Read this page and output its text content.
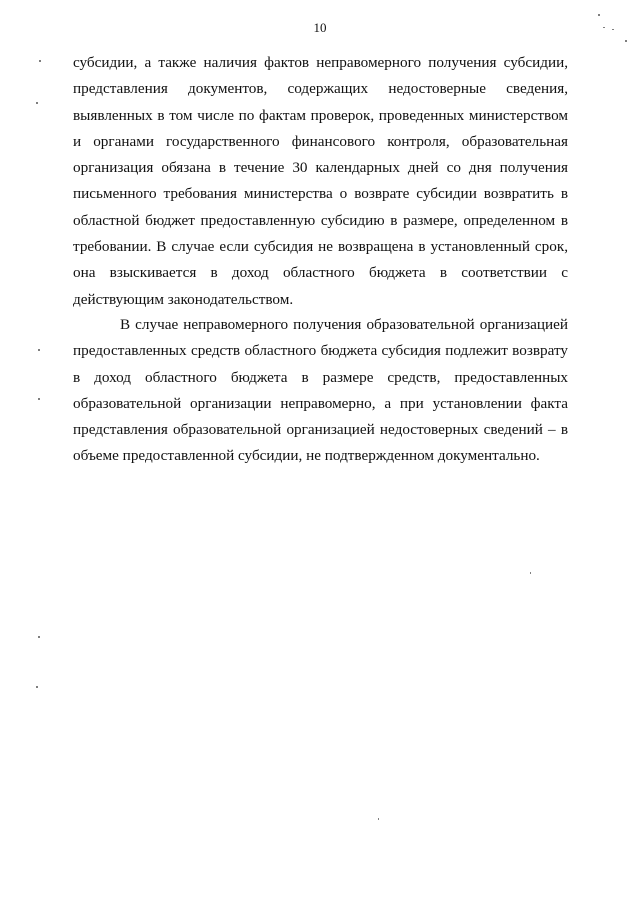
10

субсидии, а также наличия фактов неправомерного получения субсидии, представления документов, содержащих недостоверные сведения, выявленных в том числе по фактам проверок, проведенных министерством и органами государственного финансового контроля, образовательная организация обязана в течение 30 календарных дней со дня получения письменного требования министерства о возврате субсидии возвратить в областной бюджет предоставленную субсидию в размере, определенном в требовании. В случае если субсидия не возвращена в установленный срок, она взыскивается в доход областного бюджета в соответствии с действующим законодательством.

В случае неправомерного получения образовательной организацией предоставленных средств областного бюджета субсидия подлежит возврату в доход областного бюджета в размере средств, предоставленных образовательной организации неправомерно, а при установлении факта представления образовательной организацией недостоверных сведений – в объеме предоставленной субсидии, не подтвержденном документально.
